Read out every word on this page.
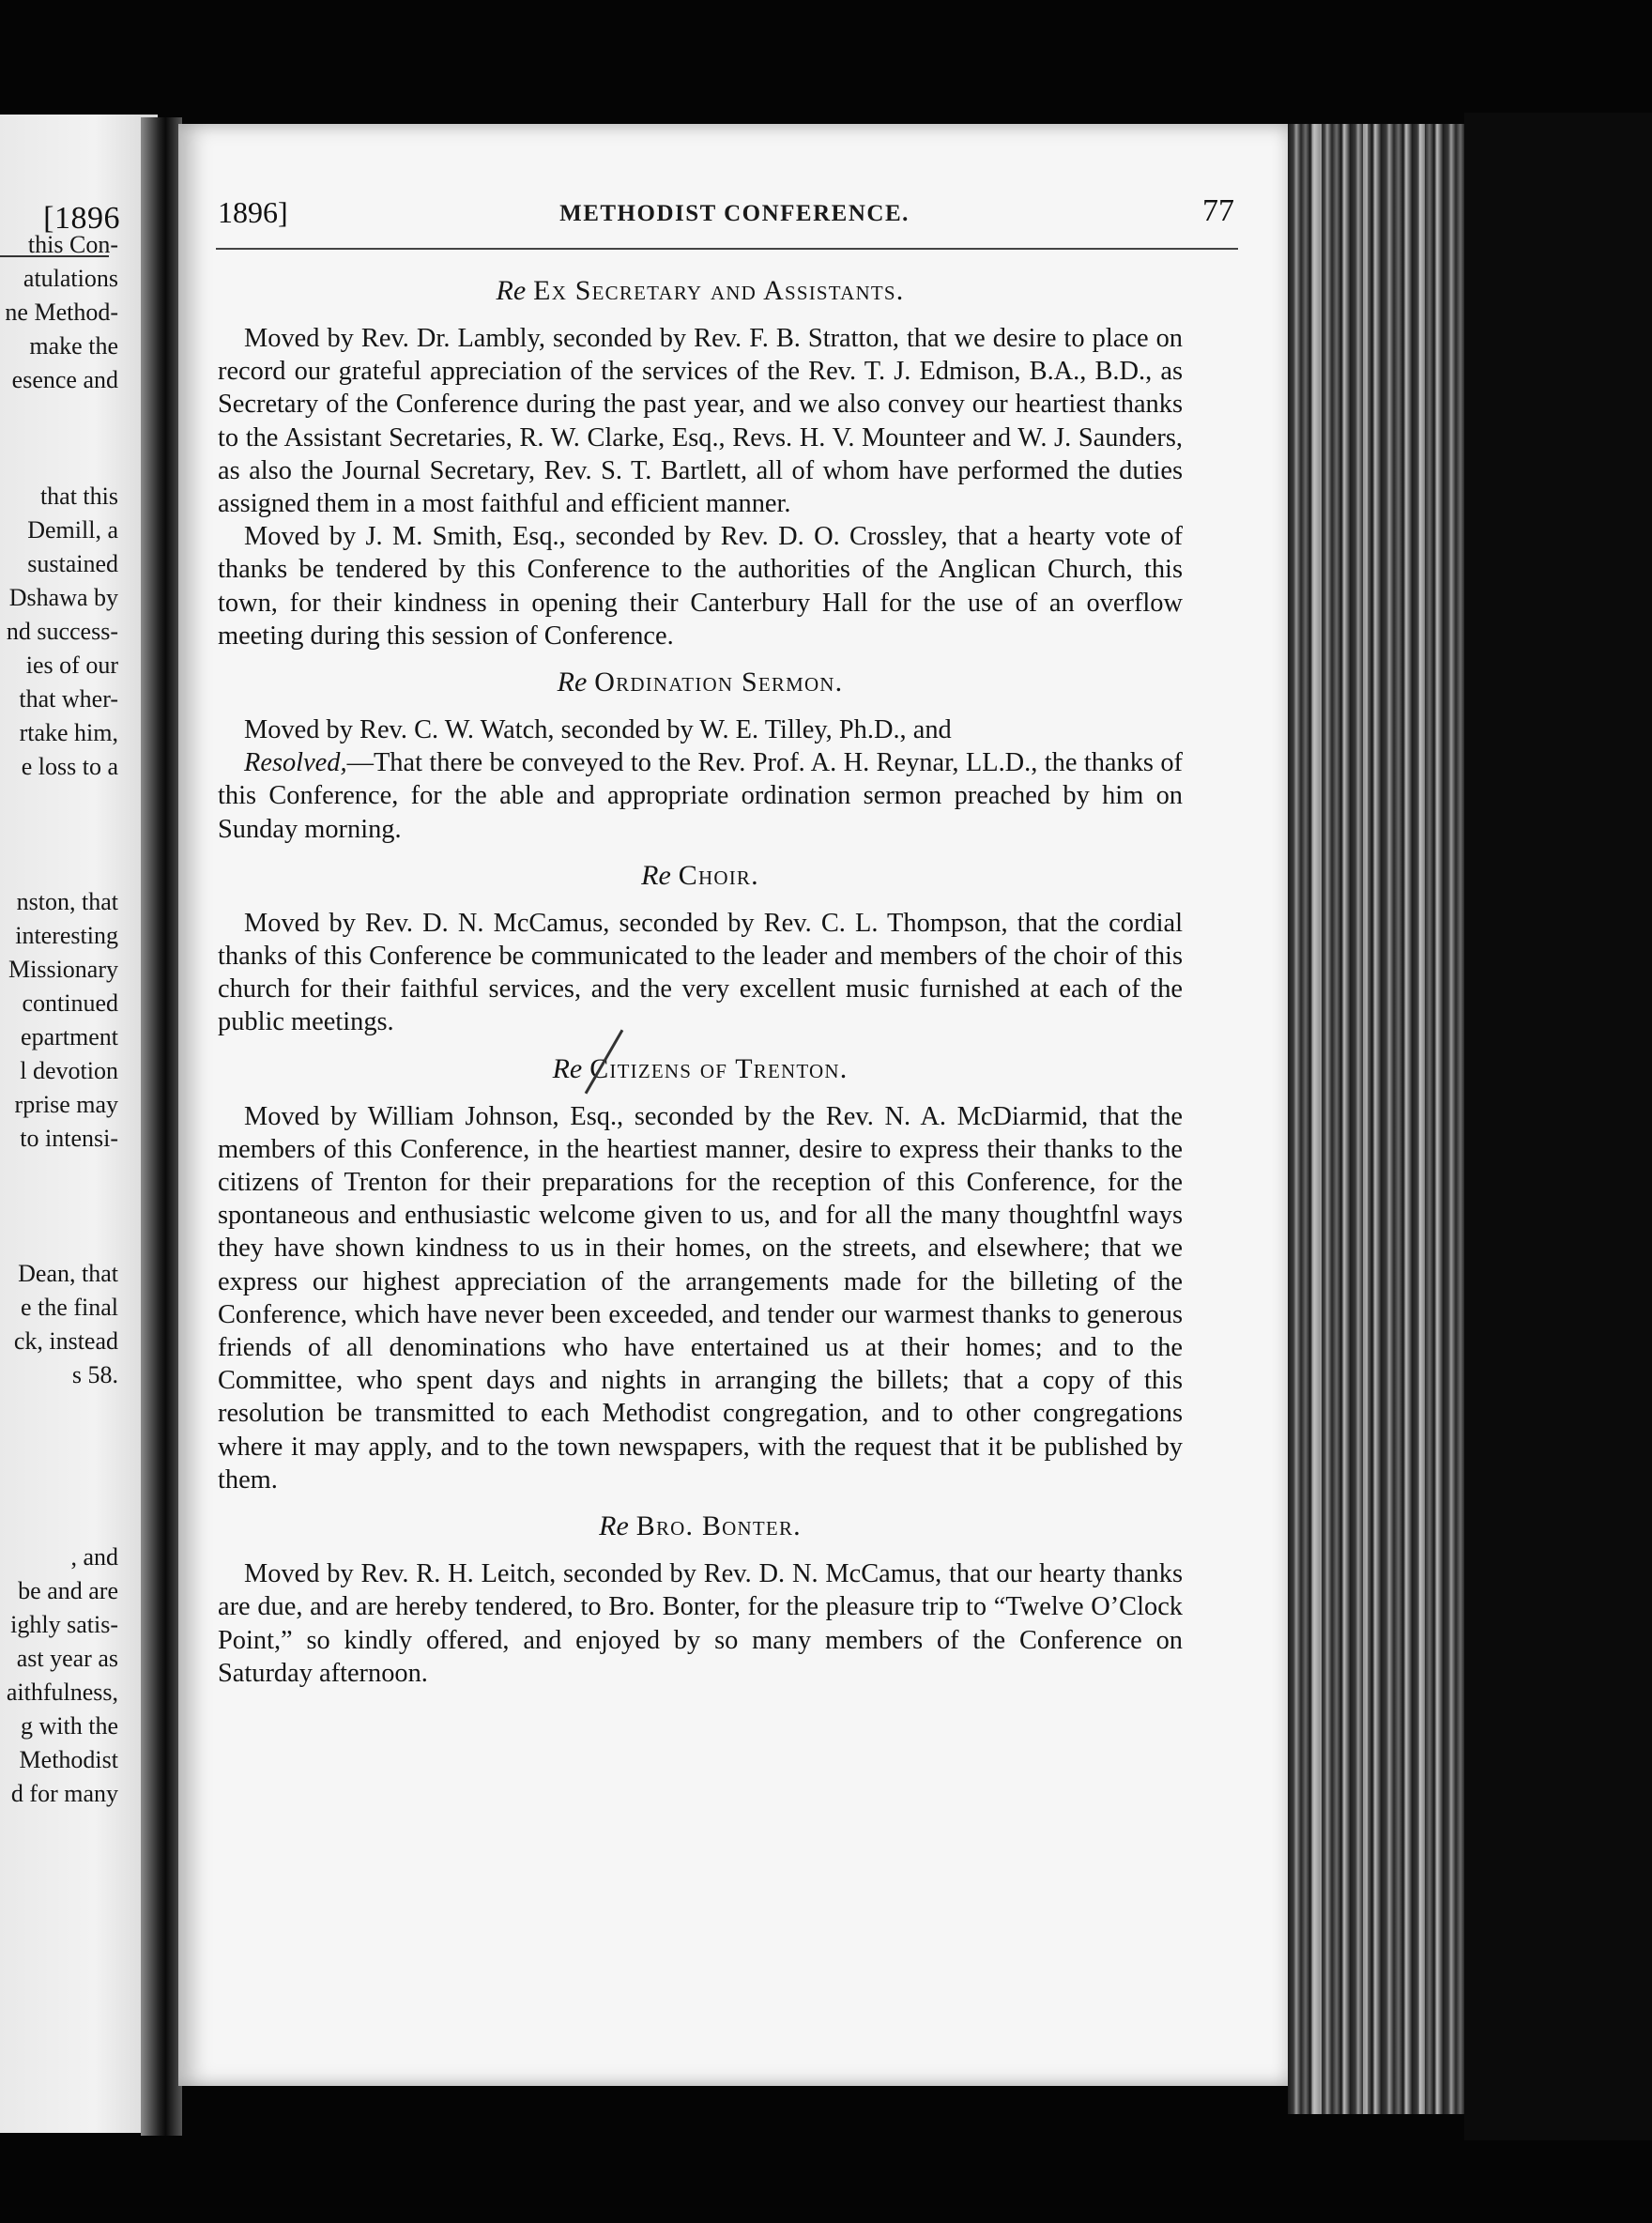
[1896
this Con-
atulations
ne Method-
make the
esence and
that this
Demill, a
sustained
Dshawa by
nd success-
ies of our
that wher-
rtake him,
e loss to a
nston, that
interesting
Missionary
continued
epartment
l devotion
rprise may
to intensi-
Dean, that
e the final
ck, instead
s 58.
, and
be and are
ighly satis-
ast year as
aithfulness,
g with the
Methodist
d for many
1896]	METHODIST CONFERENCE.	77
Re Ex Secretary and Assistants.

Moved by Rev. Dr. Lambly, seconded by Rev. F. B. Stratton, that we desire to place on record our grateful appreciation of the services of the Rev. T. J. Edmison, B.A., B.D., as Secretary of the Conference during the past year, and we also convey our heartiest thanks to the Assistant Secretaries, R. W. Clarke, Esq., Revs. H. V. Mounteer and W. J. Saunders, as also the Journal Secretary, Rev. S. T. Bartlett, all of whom have performed the duties assigned them in a most faithful and efficient manner.

Moved by J. M. Smith, Esq., seconded by Rev. D. O. Crossley, that a hearty vote of thanks be tendered by this Conference to the authorities of the Anglican Church, this town, for their kindness in opening their Canterbury Hall for the use of an overflow meeting during this session of Conference.

Re Ordination Sermon.

Moved by Rev. C. W. Watch, seconded by W. E. Tilley, Ph.D., and

Resolved,—That there be conveyed to the Rev. Prof. A. H. Reynar, LL.D., the thanks of this Conference, for the able and appropriate ordination sermon preached by him on Sunday morning.

Re Choir.

Moved by Rev. D. N. McCamus, seconded by Rev. C. L. Thompson, that the cordial thanks of this Conference be communicated to the leader and members of the choir of this church for their faithful services, and the very excellent music furnished at each of the public meetings.

Re Citizens of Trenton.

Moved by William Johnson, Esq., seconded by the Rev. N. A. McDiarmid, that the members of this Conference, in the heartiest manner, desire to express their thanks to the citizens of Trenton for their preparations for the reception of this Conference, for the spontaneous and enthusiastic welcome given to us, and for all the many thoughtfnl ways they have shown kindness to us in their homes, on the streets, and elsewhere; that we express our highest appreciation of the arrangements made for the billeting of the Conference, which have never been exceeded, and tender our warmest thanks to generous friends of all denominations who have entertained us at their homes; and to the Committee, who spent days and nights in arranging the billets; that a copy of this resolution be transmitted to each Methodist congregation, and to other congregations where it may apply, and to the town newspapers, with the request that it be published by them.

Re Bro. Bonter.

Moved by Rev. R. H. Leitch, seconded by Rev. D. N. McCamus, that our hearty thanks are due, and are hereby tendered, to Bro. Bonter, for the pleasure trip to “Twelve O’Clock Point,” so kindly offered, and enjoyed by so many members of the Conference on Saturday afternoon.
